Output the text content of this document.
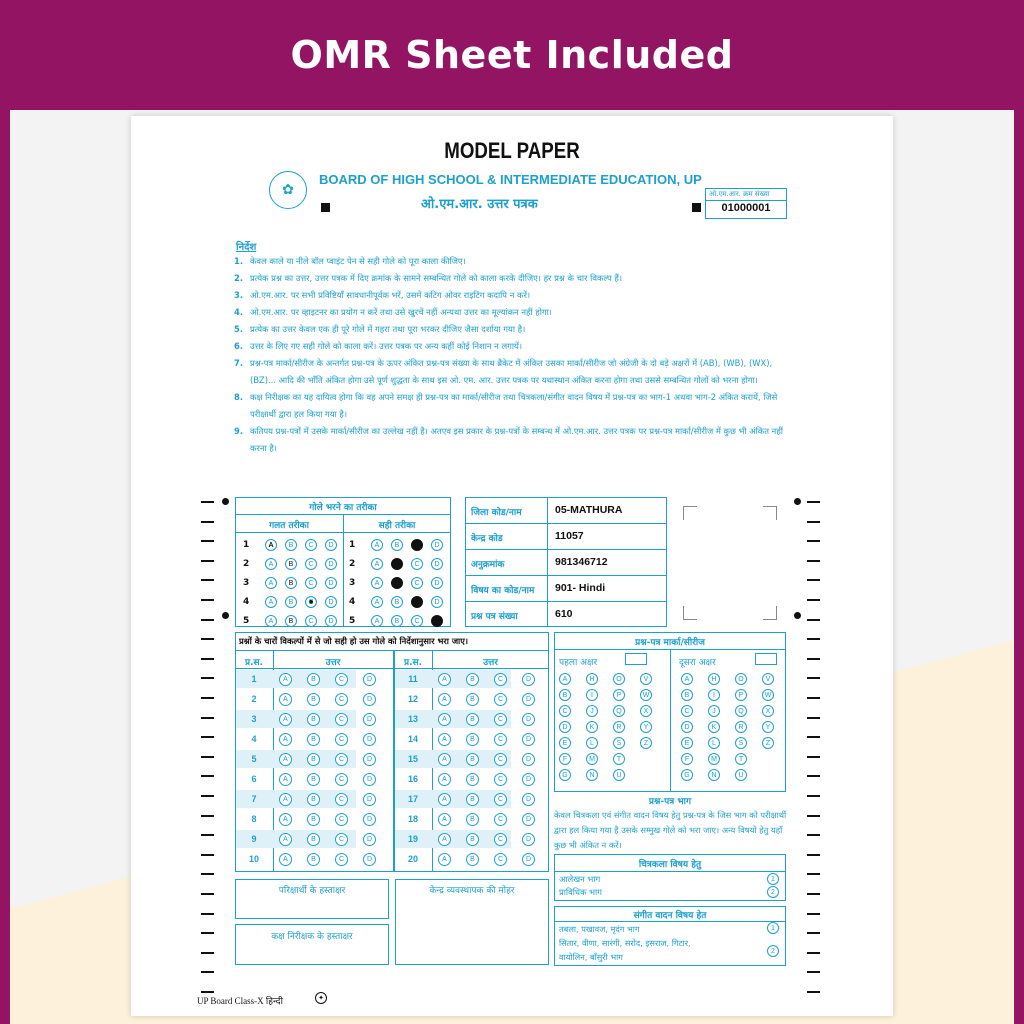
OMR Sheet Included
MODEL PAPER
✿
BOARD OF HIGH SCHOOL & INTERMEDIATE EDUCATION, UP
ओ.एम.आर. उत्तर पत्रक
ओ.एम.आर. क्रम संख्या
01000001
निर्देश
1. केवल काले या नीले बॉल प्वाइंट पेन से सही गोले को पूरा काला कीजिए।
2. प्रत्येक प्रश्न का उत्तर, उत्तर पत्रक में दिए क्रमांक के सामने सम्बन्धित गोले को काला करके दीजिए। हर प्रश्न के चार विकल्प हैं।
3. ओ.एम.आर. पर सभी प्रविष्टियाँ सावधानीपूर्वक भरें, उसमें कटिंग ओवर राइटिंग कदापि न करें।
4. ओ.एम.आर. पर व्हाइटनर का प्रयोग न करें तथा उसे खुरचें नहीं अन्यथा उत्तर का मूल्यांकन नहीं होगा।
5. प्रत्येक का उत्तर केवल एक ही पूरे गोले में गहरा तथा पूरा भरकर दीजिए जैसा दर्शाया गया है।
6. उत्तर के लिए गए सही गोले को काला करें। उत्तर पत्रक पर अन्य कहीं कोई निशान न लगायें।
7. प्रश्न-पत्र मार्का/सीरीज के अन्तर्गत प्रश्न-पत्र के ऊपर अंकित प्रश्न-पत्र संख्या के साथ ब्रैकेट में अंकित उसका मार्का/सीरीज जो अंग्रेजी के दो बड़े अक्षरों में (AB), (WB), (WX), (BZ)... आदि की भाँति अंकित होगा उसे पूर्ण शुद्धता के साथ इस ओ. एम. आर. उत्तर पत्रक पर यथास्थान अंकित करना होगा तथा उससे सम्बन्धित गोलों को भरना होगा।
8. कक्ष निरीक्षक का यह दायित्व होगा कि वह अपने समक्ष ही प्रश्न-पत्र का मार्का/सीरीज तथा चित्रकला/संगीत वादन विषय में प्रश्न-पत्र का भाग-1 अथवा भाग-2 अंकित करायें, जिसे परीक्षार्थी द्वारा हल किया गया है।
9. कतिपय प्रश्न-पत्रों में उसके मार्का/सीरीज का उल्लेख नहीं है। अतएव इस प्रकार के प्रश्न-पत्रों के सम्बन्ध में ओ.एम.आर. उत्तर पत्रक पर प्रश्न-पत्र मार्का/सीरीज में कुछ भी अंकित नहीं करना है।
गोले भरने का तरीका
गलत तरीका	सही तरीका
1	1
A	A
B	B
C	C
D	D
2	2
A	A
B	B
C	C
D	D
3	3
A	A
B	B
C	C
D	D
4	4
A	A
B	B
C	C
D	D
5	5
A	A
B	B
C	C
D	D
जिला कोड/नाम	05-MATHURA
केन्द्र कोड	11057
अनुक्रमांक	981346712
विषय का कोड/नाम 901- Hindi
प्रश्न पत्र संख्या	610
प्रश्नों के चारों विकल्पों में से जो सही हो उस गोले को निर्देशानुसार भरा जाए।
प्र.स.	उत्तर	प्र.स.	उत्तर
1	A	B	C	D
2	A	B	C	D
3	A	B	C	D
4	A	B	C	D
5	A	B	C	D
6	A	B	C	D
7	A	B	C	D
8	A	B	C	D
9	A	B	C	D
10	A	B	C	D
11	A	B	C	D
12	A	B	C	D
13	A	B	C	D
14	A	B	C	D
15	A	B	C	D
16	A	B	C	D
17	A	B	C	D
18	A	B	C	D
19	A	B	C	D
20	A	B	C	D
प्रश्न-पत्र मार्का/सीरीज
पहला अक्षर	दूसरा अक्षर
A	A
H	H
O	O
V	V
B	B
I	I
P	P
W	W
C	C
J	J
Q	Q
X	X
D	D
K	K
R	R
Y	Y
E	E
L	L
S	S
Z	Z
F	F
M	M
T	T
G	G
N	N
U	U
प्रश्न-पत्र भाग
केवल चित्रकला एवं संगीत वादन विषय हेतु प्रश्न-पत्र के जिस भाग को परीक्षार्थी द्वारा हल किया गया है उसके सम्मुख गोले को भरा जाए। अन्य विषयों हेतु यहाँ कुछ भी अंकित न करें।
चित्रकला विषय हेतु
आलेखन भाग	1
प्राविधिक भाग	2
संगीत वादन विषय हेत
तबला, पखावज, मृदंग भाग	1
सितार, वीणा, सारंगी, सरोद, इसराज, गिटार,
वायोलिन, बाँसुरी भाग
2
परिक्षार्थी के हस्ताक्षर	केन्द्र व्यवस्थापक की मोहर
कक्ष निरीक्षक के हस्ताक्षर
UP Board Class-X हिन्दी	✦
